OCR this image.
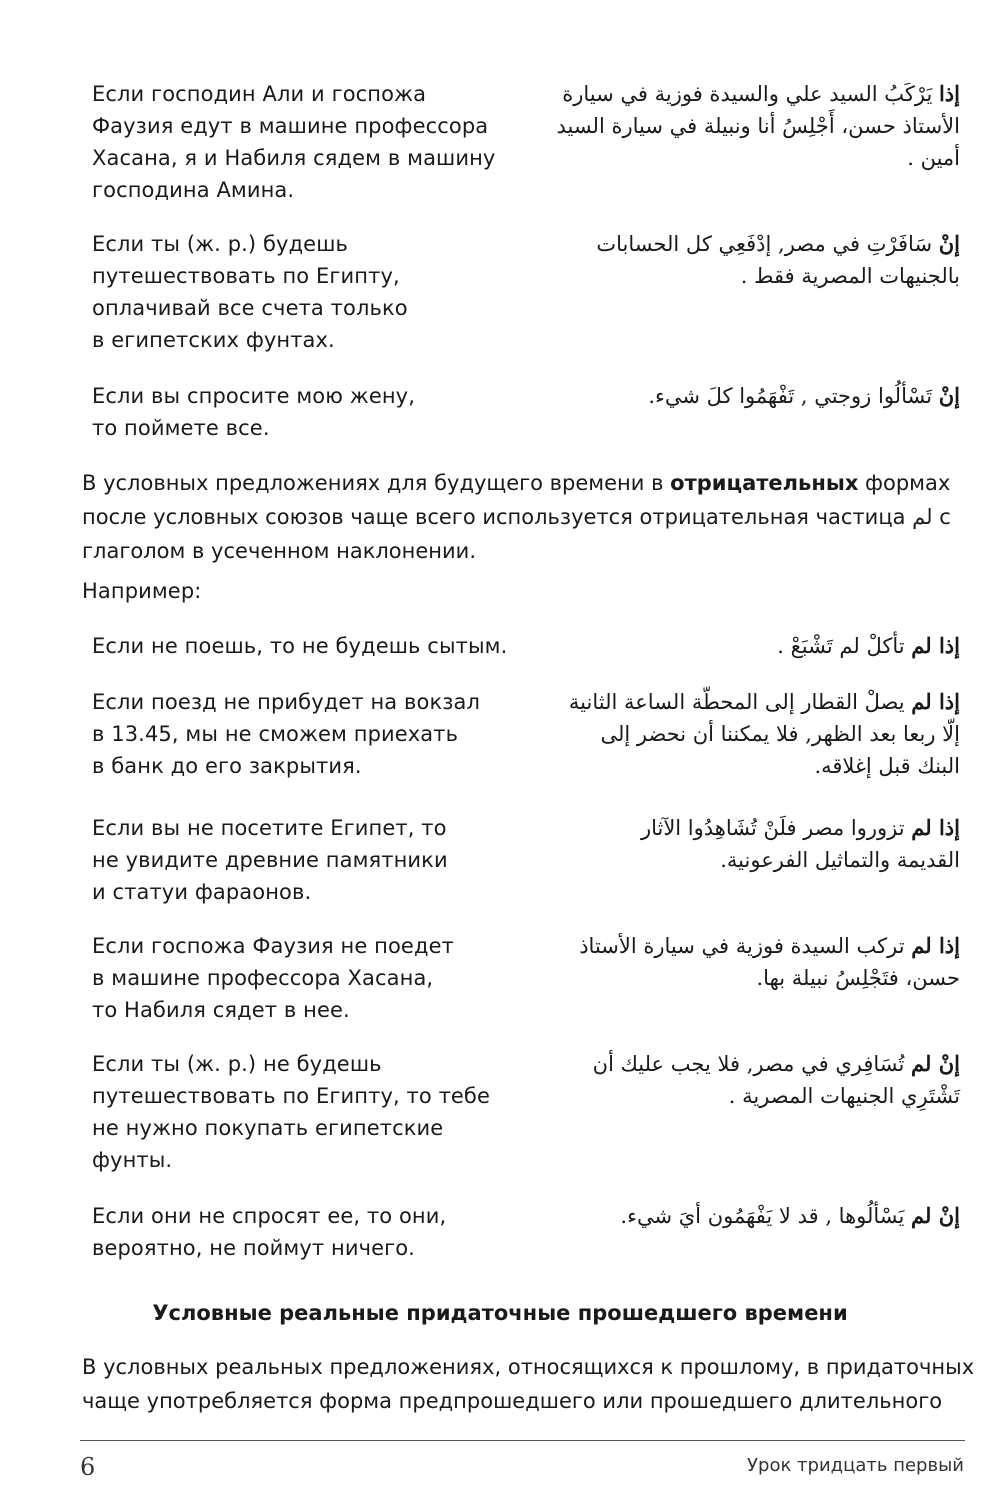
Если господин Али и госпожа
Фаузия едут в машине профессора
Хасана, я и Набиля сядем в машину
господина Амина.
إذا يَرْكَبُ السيد علي والسيدة فوزية في سيارة
الأستاذ حسن، أَجْلِسُ أنا ونبيلة في سيارة السيد
أمين .
Если ты (ж. р.) будешь
путешествовать по Египту,
оплачивай все счета только
в египетских фунтах.
إنْ سَافَرْتِ في مصر, إدْفَعِي كل الحسابات
بالجنيهات المصرية فقط .
Если вы спросите мою жену,
то поймете все.
إنْ تَسْألُوا زوجتي , تَفْهَمُوا كلَ شيء.
В условных предложениях для будущего времени в отрицательных формах
после условных союзов чаще всего используется отрицательная частица لم с
глаголом в усеченном наклонении.
Например:
Если не поешь, то не будешь сытым.	إذا لم تأكلْ لم تَشْبَعْ .
Если поезд не прибудет на вокзал
в 13.45, мы не сможем приехать
в банк до его закрытия.
إذا لم يصلْ القطار إلى المحطّة الساعة الثانية
إلّا ربعا بعد الظهر, فلا يمكننا أن نحضر إلى
البنك قبل إغلاقه.
Если вы не посетите Египет, то
не увидите древние памятники
и статуи фараонов.
إذا لم تزوروا مصر فلَنْ تُشَاهِدُوا الآثار
القديمة والتماثيل الفرعونية.
Если госпожа Фаузия не поедет
в машине профессора Хасана,
то Набиля сядет в нее.
إذا لم تركب السيدة فوزية في سيارة الأستاذ
حسن، فتَجْلِسُ نبيلة بها.
Если ты (ж. р.) не будешь
путешествовать по Египту, то тебе
не нужно покупать египетские
фунты.
إنْ لم تُسَافِري في مصر, فلا يجب عليك أن
تَشْتَرِي الجنيهات المصرية .
Если они не спросят ее, то они,
вероятно, не поймут ничего.
إنْ لم يَسْألُوها , قد لا يَفْهَمُون أيَ شيء.
Условные реальные придаточные прошедшего времени
В условных реальных предложениях, относящихся к прошлому, в придаточных
чаще употребляется форма предпрошедшего или прошедшего длительного
6	Урок тридцать первый
